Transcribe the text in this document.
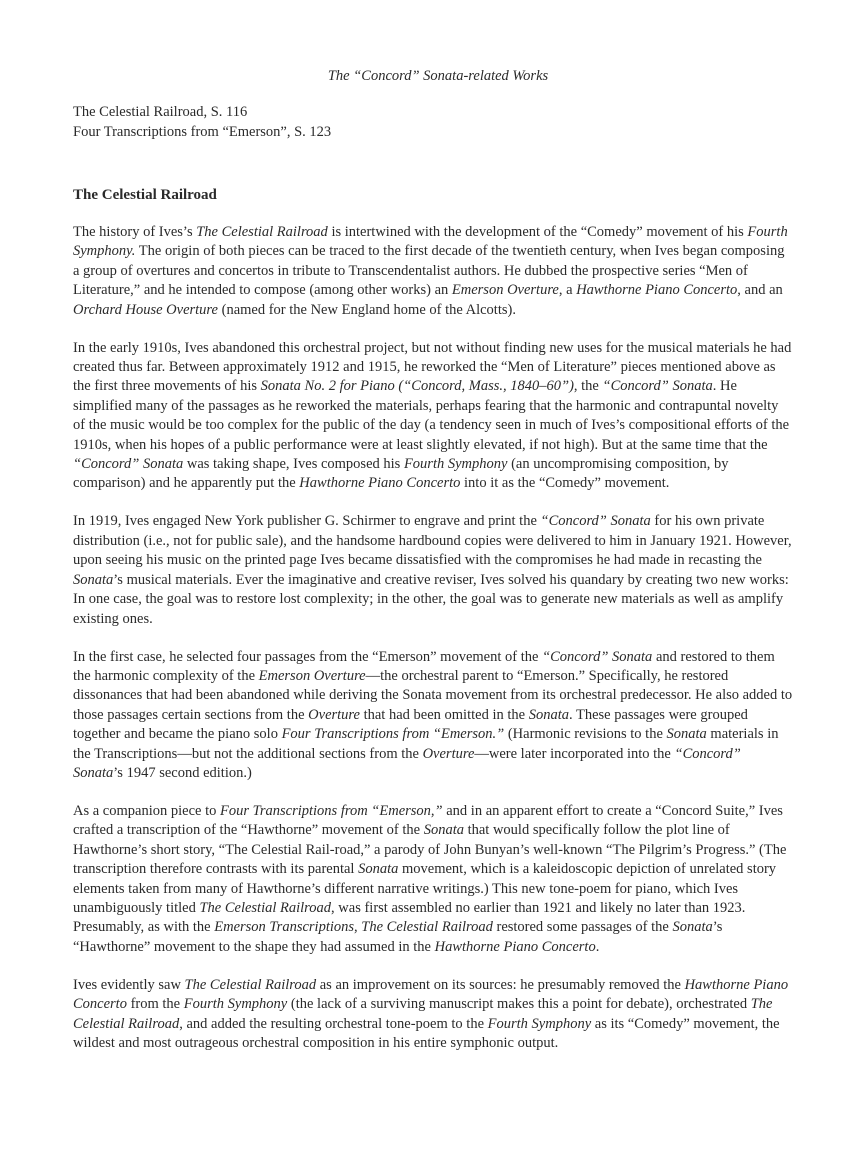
The “Concord” Sonata-related Works

The Celestial Railroad, S. 116

Four Transcriptions from “Emerson”, S. 123

The Celestial Railroad

The history of Ives’s The Celestial Railroad is intertwined with the development of the “Comedy” movement of his Fourth Symphony. The origin of both pieces can be traced to the first decade of the twentieth century, when Ives began composing a group of overtures and concertos in tribute to Transcendentalist authors. He dubbed the prospective series “Men of Literature,” and he intended to compose (among other works) an Emerson Overture, a Hawthorne Piano Concerto, and an Orchard House Overture (named for the New England home of the Alcotts).

In the early 1910s, Ives abandoned this orchestral project, but not without finding new uses for the musical materials he had created thus far. Between approximately 1912 and 1915, he reworked the “Men of Literature” pieces mentioned above as the first three movements of his Sonata No. 2 for Piano (“Concord, Mass., 1840–60”), the “Concord” Sonata. He simplified many of the passages as he reworked the materials, perhaps fearing that the harmonic and contrapuntal novelty of the music would be too complex for the public of the day (a tendency seen in much of Ives’s compositional efforts of the 1910s, when his hopes of a public performance were at least slightly elevated, if not high). But at the same time that the “Concord” Sonata was taking shape, Ives composed his Fourth Symphony (an uncompromising composition, by comparison) and he apparently put the Hawthorne Piano Concerto into it as the “Comedy” movement.

In 1919, Ives engaged New York publisher G. Schirmer to engrave and print the “Concord” Sonata for his own private distribution (i.e., not for public sale), and the handsome hardbound copies were delivered to him in January 1921. However, upon seeing his music on the printed page Ives became dissatisfied with the compromises he had made in recasting the Sonata’s musical materials. Ever the imaginative and creative reviser, Ives solved his quandary by creating two new works: In one case, the goal was to restore lost complexity; in the other, the goal was to generate new materials as well as amplify existing ones.

In the first case, he selected four passages from the “Emerson” movement of the “Concord” Sonata and restored to them the harmonic complexity of the Emerson Overture—the orchestral parent to “Emerson.” Specifically, he restored dissonances that had been abandoned while deriving the Sonata movement from its orchestral predecessor. He also added to those passages certain sections from the Overture that had been omitted in the Sonata. These passages were grouped together and became the piano solo Four Transcriptions from “Emerson.” (Harmonic revisions to the Sonata materials in the Transcriptions—but not the additional sections from the Overture—were later incorporated into the “Concord” Sonata’s 1947 second edition.)

As a companion piece to Four Transcriptions from “Emerson,” and in an apparent effort to create a “Concord Suite,” Ives crafted a transcription of the “Hawthorne” movement of the Sonata that would specifically follow the plot line of Hawthorne’s short story, “The Celestial Rail-road,” a parody of John Bunyan’s well-known “The Pilgrim’s Progress.” (The transcription therefore contrasts with its parental Sonata movement, which is a kaleidoscopic depiction of unrelated story elements taken from many of Hawthorne’s different narrative writings.) This new tone-poem for piano, which Ives unambiguously titled The Celestial Railroad, was first assembled no earlier than 1921 and likely no later than 1923. Presumably, as with the Emerson Transcriptions, The Celestial Railroad restored some passages of the Sonata’s “Hawthorne” movement to the shape they had assumed in the Hawthorne Piano Concerto.

Ives evidently saw The Celestial Railroad as an improvement on its sources: he presumably removed the Hawthorne Piano Concerto from the Fourth Symphony (the lack of a surviving manuscript makes this a point for debate), orchestrated The Celestial Railroad, and added the resulting orchestral tone-poem to the Fourth Symphony as its “Comedy” movement, the wildest and most outrageous orchestral composition in his entire symphonic output.
